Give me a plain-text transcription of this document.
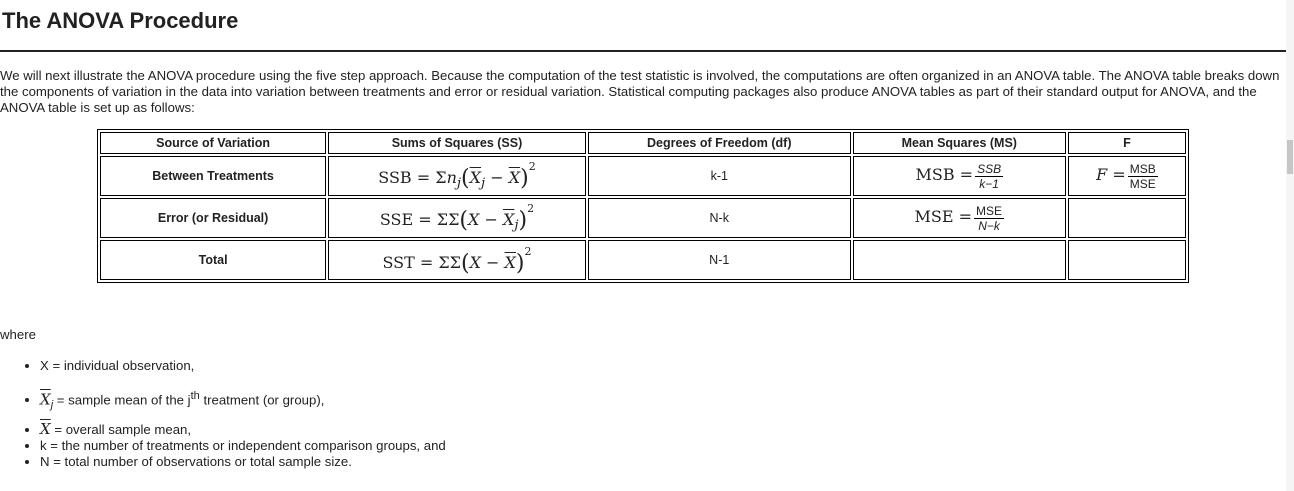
The ANOVA Procedure

We will next illustrate the ANOVA procedure using the five step approach. Because the computation of the test statistic is involved, the computations are often organized in an ANOVA table. The ANOVA table breaks down the components of variation in the data into variation between treatments and error or residual variation. Statistical computing packages also produce ANOVA tables as part of their standard output for ANOVA, and the ANOVA table is set up as follows:

Source of Variation	Sums of Squares (SS)	Degrees of Freedom (df)	Mean Squares (MS)	F
Between Treatments	SSB = $\Sigma n_j(\overline{X}_j - \overline{X})^2$	k-1	MSB = $\frac{\text{SSB}}{k-1}$	$F = \frac{\text{MSB}}{\text{MSE}}$

Error (or Residual)	SSE = $\Sigma\Sigma(X - \overline{X}_j)^2$	N-k	MSE = $\frac{\text{MSE}}{N-k}$

Total	SST = $\Sigma\Sigma(X - \overline{X})^2$	N-1		
where
• X = individual observation,
• $\overline{X}_j$ = sample mean of the $j^{th}$ treatment (or group),
• $\overline{X}$ = overall sample mean,
• k = the number of treatments or independent comparison groups, and
• N = total number of observations or total sample size.
